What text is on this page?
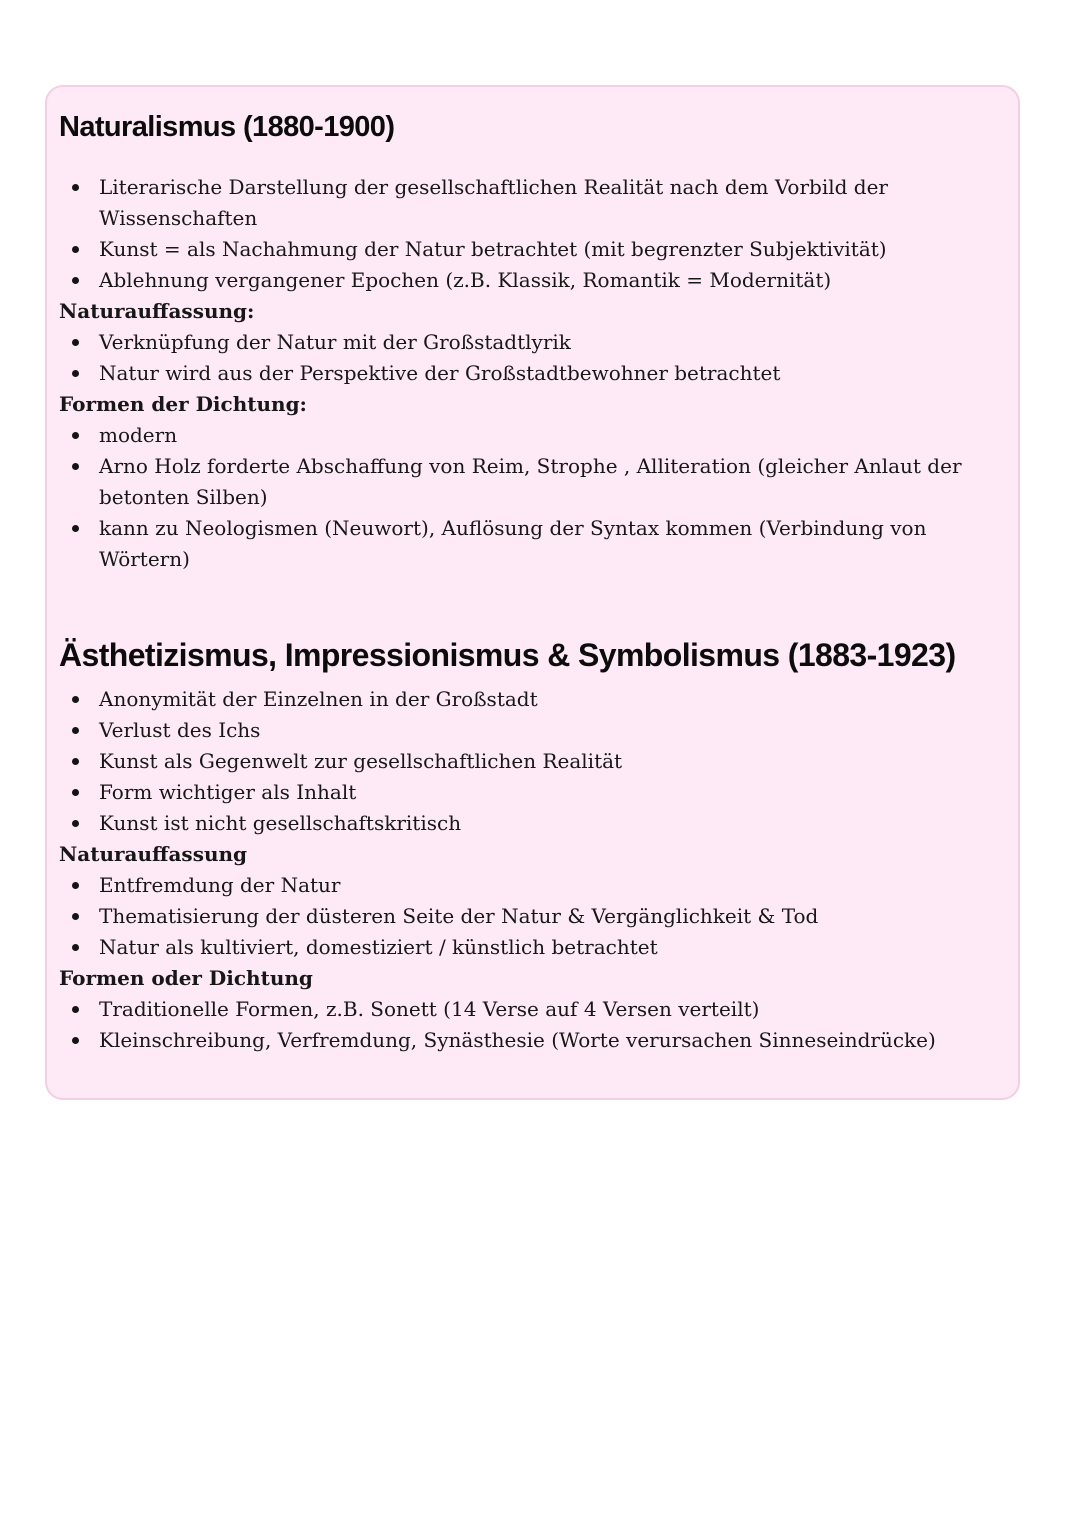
Naturalismus (1880-1900)
Literarische Darstellung der gesellschaftlichen Realität nach dem Vorbild der Wissenschaften
Kunst = als Nachahmung der Natur betrachtet (mit begrenzter Subjektivität)
Ablehnung vergangener Epochen (z.B. Klassik, Romantik = Modernität)
Naturauffassung:
Verknüpfung der Natur mit der Großstadtlyrik
Natur wird aus der Perspektive der Großstadtbewohner betrachtet
Formen der Dichtung:
modern
Arno Holz forderte Abschaffung von Reim, Strophe , Alliteration (gleicher Anlaut der betonten Silben)
kann zu Neologismen (Neuwort), Auflösung der Syntax kommen (Verbindung von Wörtern)
Ästhetizismus, Impressionismus & Symbolismus (1883-1923)
Anonymität der Einzelnen in der Großstadt
Verlust des Ichs
Kunst als Gegenwelt zur gesellschaftlichen Realität
Form wichtiger als Inhalt
Kunst ist nicht gesellschaftskritisch
Naturauffassung
Entfremdung der Natur
Thematisierung der düsteren Seite der Natur & Vergänglichkeit & Tod
Natur als kultiviert, domestiziert / künstlich betrachtet
Formen oder Dichtung
Traditionelle Formen, z.B. Sonett (14 Verse auf 4 Versen verteilt)
Kleinschreibung, Verfremdung, Synästhesie (Worte verursachen Sinneseindrücke)
